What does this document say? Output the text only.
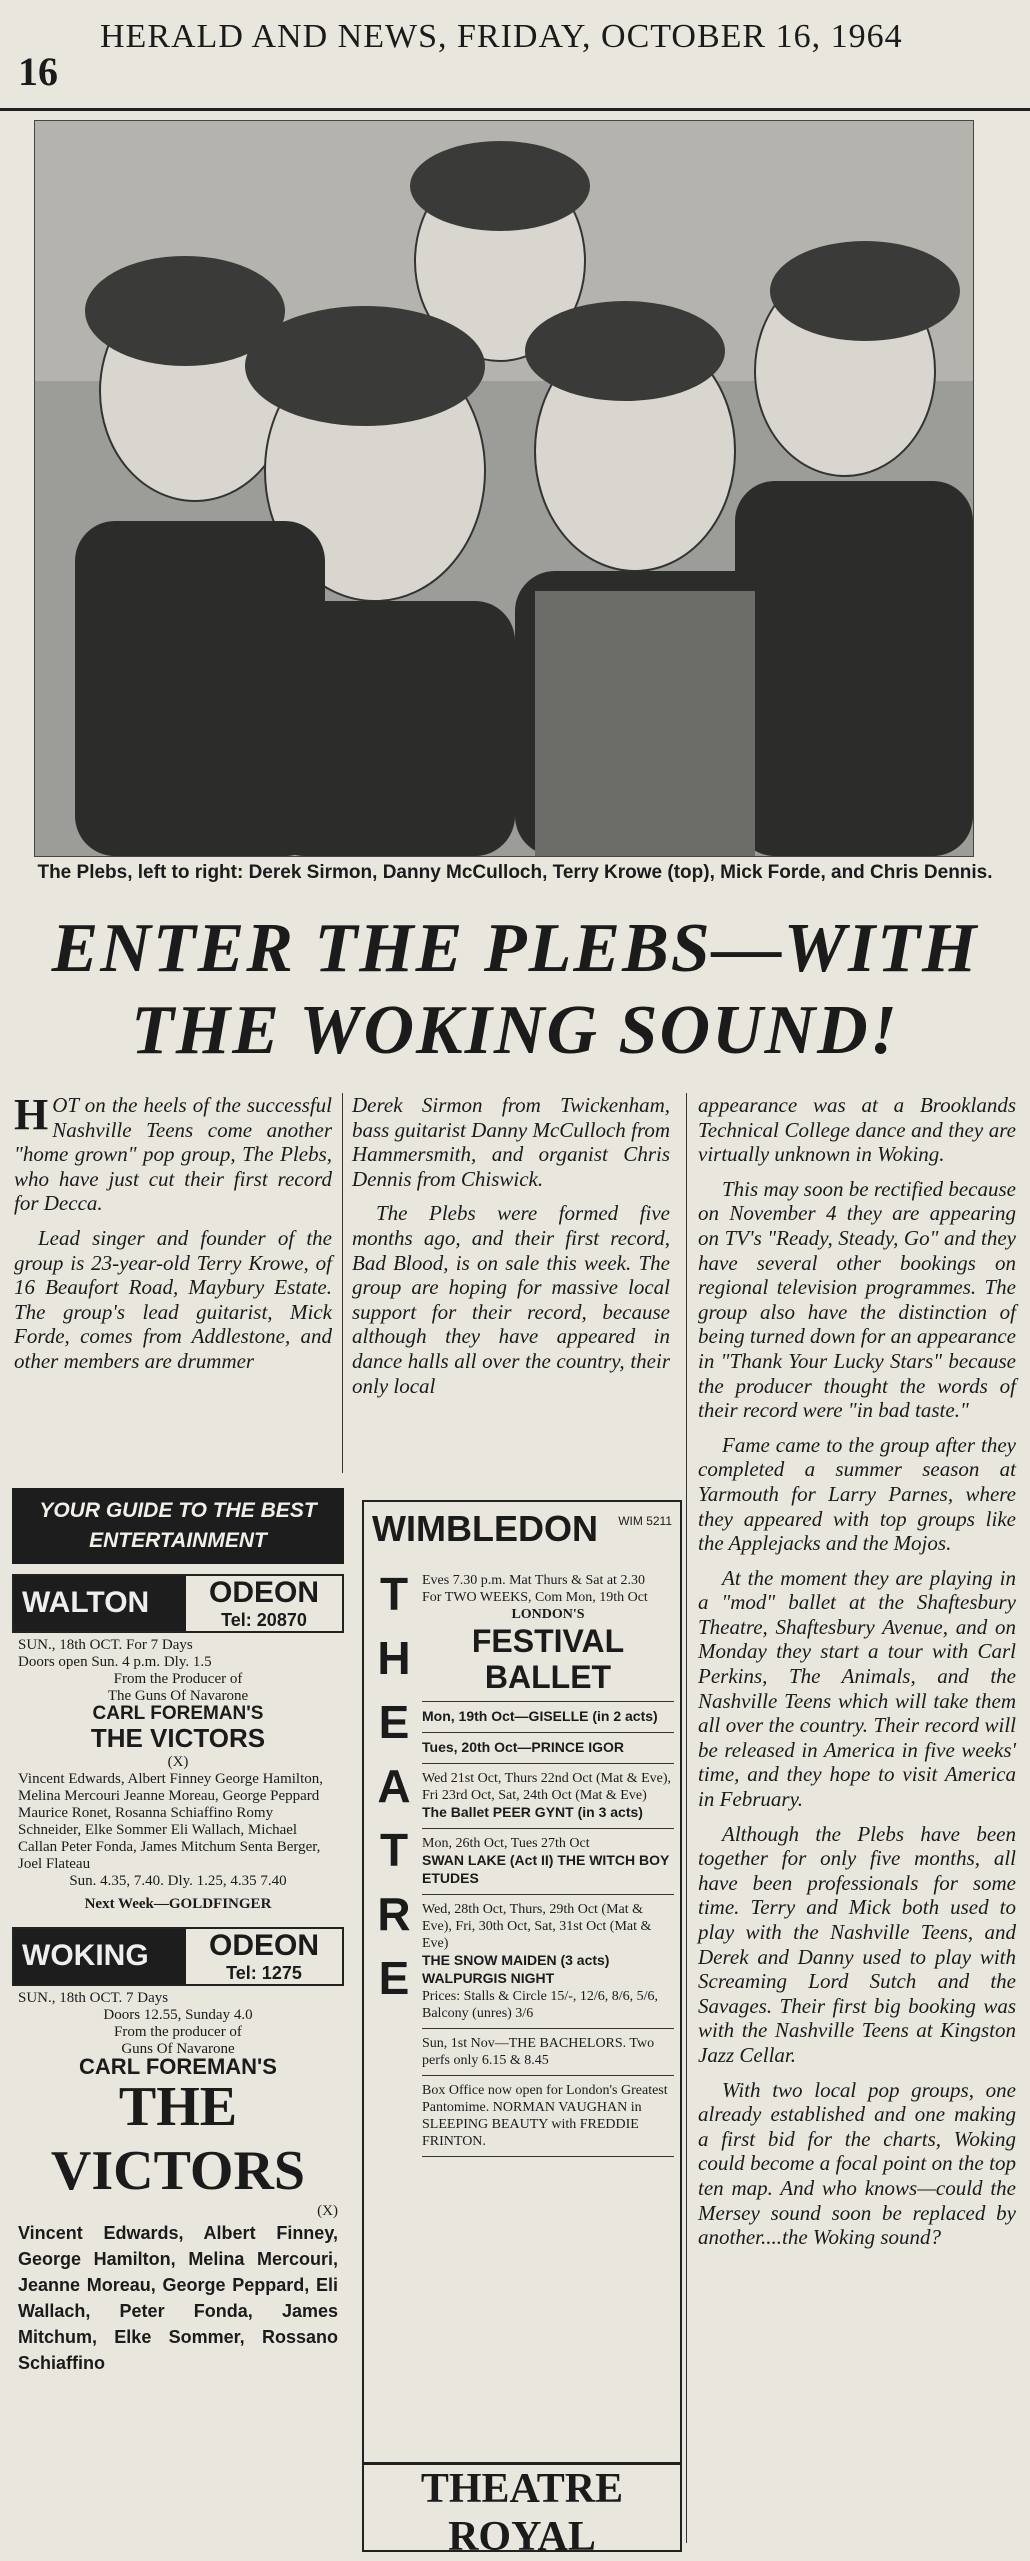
16
HERALD AND NEWS, FRIDAY, OCTOBER 16, 1964
The Plebs, left to right: Derek Sirmon, Danny McCulloch, Terry Krowe (top), Mick Forde, and Chris Dennis.
ENTER THE PLEBS—WITH THE WOKING SOUND!

HOT on the heels of the successful Nashville Teens come another "home grown" pop group, The Plebs, who have just cut their first record for Decca.

Lead singer and founder of the group is 23-year-old Terry Krowe, of 16 Beaufort Road, Maybury Estate. The group's lead guitarist, Mick Forde, comes from Addlestone, and other members are drummer

Derek Sirmon from Twickenham, bass guitarist Danny McCulloch from Hammersmith, and organist Chris Dennis from Chiswick.

The Plebs were formed five months ago, and their first record, Bad Blood, is on sale this week. The group are hoping for massive local support for their record, because although they have appeared in dance halls all over the country, their only local

appearance was at a Brooklands Technical College dance and they are virtually unknown in Woking.

This may soon be rectified because on November 4 they are appearing on TV's "Ready, Steady, Go" and they have several other bookings on regional television programmes. The group also have the distinction of being turned down for an appearance in "Thank Your Lucky Stars" because the producer thought the words of their record were "in bad taste."

Fame came to the group after they completed a summer season at Yarmouth for Larry Parnes, where they appeared with top groups like the Applejacks and the Mojos.

At the moment they are playing in a "mod" ballet at the Shaftesbury Theatre, Shaftesbury Avenue, and on Monday they start a tour with Carl Perkins, The Animals, and the Nashville Teens which will take them all over the country. Their record will be released in America in five weeks' time, and they hope to visit America in February.

Although the Plebs have been together for only five months, all have been professionals for some time. Terry and Mick both used to play with the Nashville Teens, and Derek and Danny used to play with Screaming Lord Sutch and the Savages. Their first big booking was with the Nashville Teens at Kingston Jazz Cellar.

With two local pop groups, one already established and one making a first bid for the charts, Woking could become a focal point on the top ten map. And who knows—could the Mersey sound soon be replaced by another....the Woking sound?

YOUR GUIDE TO THE BEST ENTERTAINMENT
WALTON	ODEON
Tel: 20870
SUN., 18th OCT. For 7 Days
Doors open Sun. 4 p.m. Dly. 1.5
From the Producer of
The Guns Of Navarone
CARL FOREMAN'S
THE VICTORS
(X)
Vincent Edwards, Albert Finney George Hamilton, Melina Mercouri Jeanne Moreau, George Peppard Maurice Ronet, Rosanna Schiaffino Romy Schneider, Elke Sommer Eli Wallach, Michael Callan Peter Fonda, James Mitchum Senta Berger, Joel Flateau
Sun. 4.35, 7.40. Dly. 1.25, 4.35 7.40
Next Week—GOLDFINGER
WOKING	ODEON
Tel: 1275
SUN., 18th OCT. 7 Days
Doors 12.55, Sunday 4.0
From the producer of
Guns Of Navarone
CARL FOREMAN'S
THE
VICTORS
(X)
Vincent Edwards, Albert Finney, George Hamilton, Melina Mercouri, Jeanne Moreau, George Peppard, Eli Wallach, Peter Fonda, James Mitchum, Elke Sommer, Rossano Schiaffino
WIMBLEDON	WIM 5211
T
H
E
A
T
R
E
Eves 7.30 p.m. Mat Thurs & Sat at 2.30
For TWO WEEKS, Com Mon, 19th Oct
LONDON'S
FESTIVAL BALLET
Mon, 19th Oct—GISELLE (in 2 acts)
Tues, 20th Oct—PRINCE IGOR
Wed 21st Oct, Thurs 22nd Oct (Mat & Eve), Fri 23rd Oct, Sat, 24th Oct (Mat & Eve)
The Ballet PEER GYNT (in 3 acts)
Mon, 26th Oct, Tues 27th Oct
SWAN LAKE (Act II) THE WITCH BOY ETUDES
Wed, 28th Oct, Thurs, 29th Oct (Mat & Eve), Fri, 30th Oct, Sat, 31st Oct (Mat & Eve)
THE SNOW MAIDEN (3 acts) WALPURGIS NIGHT
Prices: Stalls & Circle 15/-, 12/6, 8/6, 5/6, Balcony (unres) 3/6
Sun, 1st Nov—THE BACHELORS. Two perfs only 6.15 & 8.45
Box Office now open for London's Greatest Pantomime. NORMAN VAUGHAN in SLEEPING BEAUTY with FREDDIE FRINTON.
THEATRE ROYAL
